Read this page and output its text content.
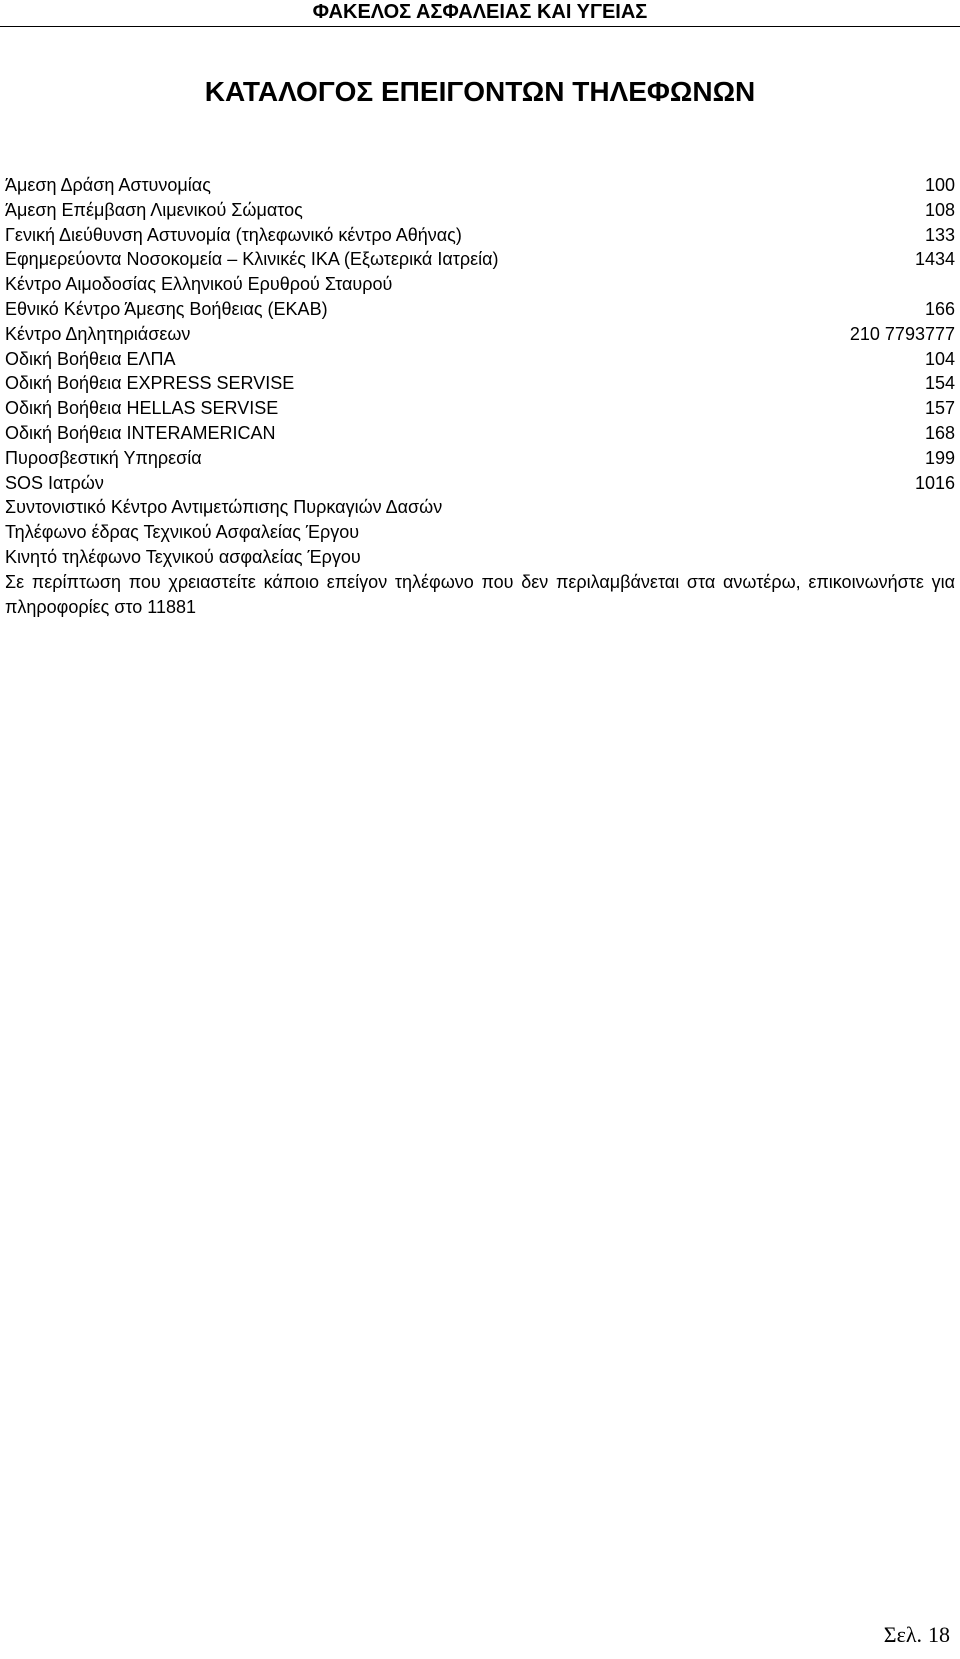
ΦΑΚΕΛΟΣ ΑΣΦΑΛΕΙΑΣ ΚΑΙ ΥΓΕΙΑΣ
ΚΑΤΑΛΟΓΟΣ ΕΠΕΙΓΟΝΤΩΝ ΤΗΛΕΦΩΝΩΝ
Άμεση Δράση Αστυνομίας	100
Άμεση Επέμβαση Λιμενικού Σώματος	108
Γενική Διεύθυνση Αστυνομία (τηλεφωνικό κέντρο Αθήνας)	133
Εφημερεύοντα Νοσοκομεία – Κλινικές ΙΚΑ (Εξωτερικά Ιατρεία)	1434
Κέντρο Αιμοδοσίας Ελληνικού Ερυθρού Σταυρού
Εθνικό Κέντρο Άμεσης Βοήθειας (ΕΚΑΒ)	166
Κέντρο Δηλητηριάσεων	210 7793777
Οδική Βοήθεια ΕΛΠΑ	104
Οδική Βοήθεια EXPRESS SERVISE	154
Οδική Βοήθεια HELLAS SERVISE	157
Οδική Βοήθεια INTERAMERICAN	168
Πυροσβεστική Υπηρεσία	199
SOS Ιατρών	1016
Συντονιστικό Κέντρο Αντιμετώπισης Πυρκαγιών Δασών
Τηλέφωνο έδρας Τεχνικού Ασφαλείας Έργου
Κινητό τηλέφωνο Τεχνικού ασφαλείας Έργου

Σε περίπτωση που χρειαστείτε κάποιο επείγον τηλέφωνο που δεν περιλαμβάνεται στα ανωτέρω, επικοινωνήστε για πληροφορίες στο 11881

Σελ. 18
